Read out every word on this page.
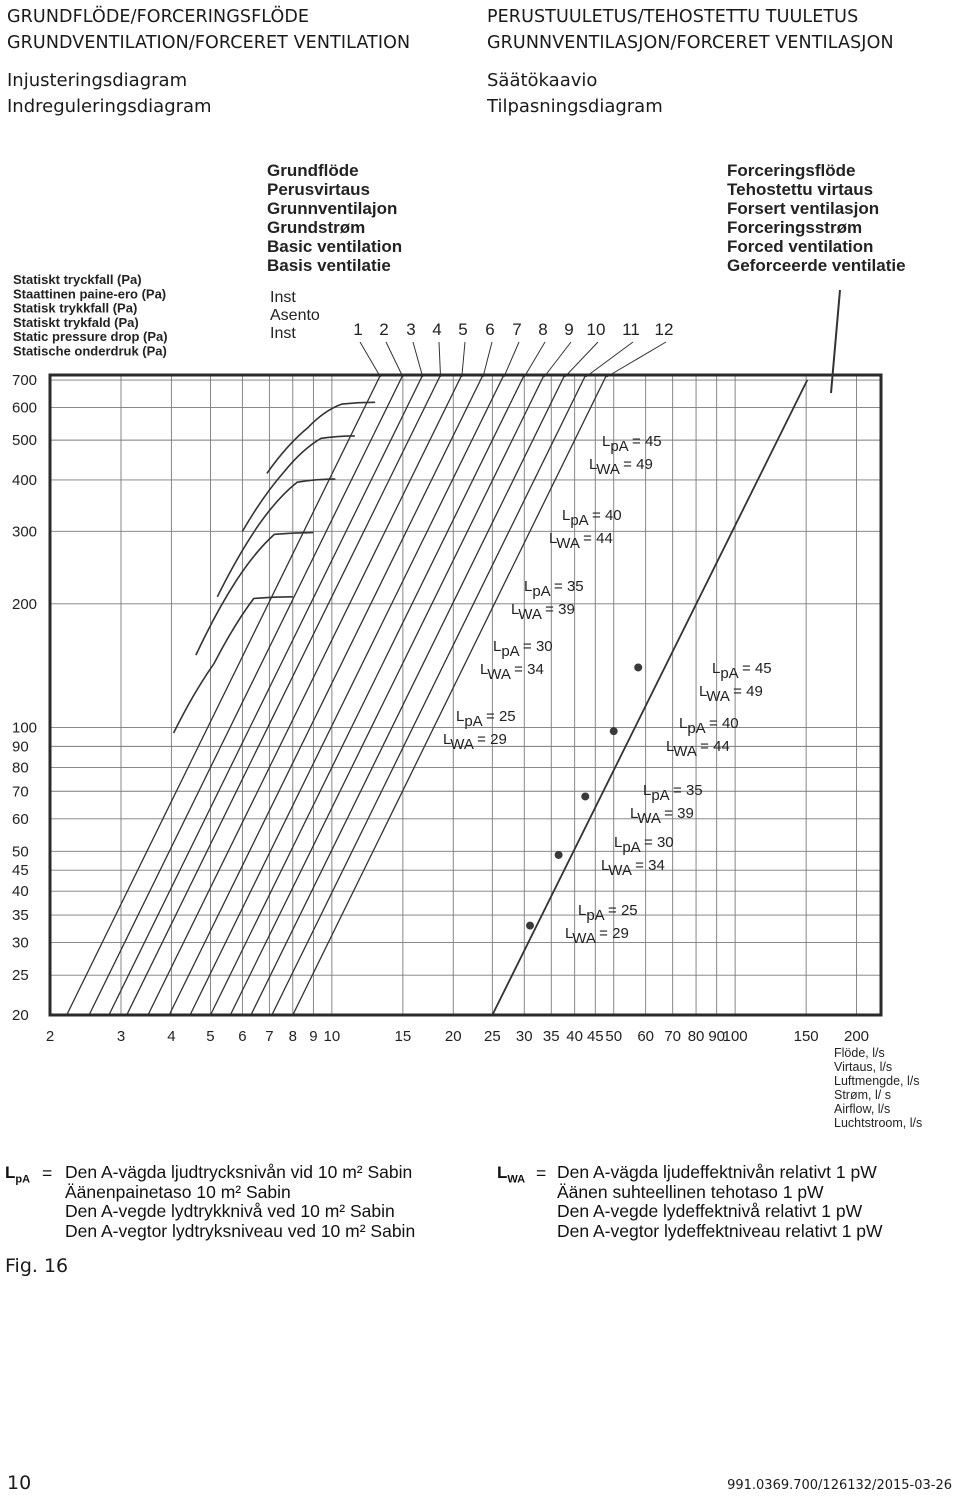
GRUNDFLÖDE/FORCERINGSFLÖDE
GRUNDVENTILATION/FORCERET VENTILATION
Injusteringsdiagram
Indreguleringsdiagram
PERUSTUULETUS/TEHOSTETTU TUULETUS
GRUNNVENTILASJON/FORCERET VENTILASJON
Säätökaavio
Tilpasningsdiagram
20
25
30
35
40
45
50
60
70
80
90
100
200
300
400
500
600
700
2	3	4 5 6 7 8 9 10	15 20 25 30 35 40 45 50 60 70 80 90
100	150 200
Statiskt tryckfall (Pa)
Staattinen paine-ero (Pa)
Statisk trykkfall (Pa)
Statiskt trykfald (Pa)
Static pressure drop (Pa)
Statische onderdruk (Pa)
Flöde, l/s
Virtaus, l/s
Luftmengde, l/s
Strøm, l/ s
Airflow, l/s
Luchtstroom, l/s
Grundflöde
Perusvirtaus
Grunnventilajon
Grundstrøm
Basic ventilation
Basis ventilatie
Forceringsflöde
Tehostettu virtaus
Forsert ventilasjon
Forceringsstrøm
Forced ventilation
Geforceerde ventilatie
Inst
Asento
Inst	1 2 3 4 5 6 7 8 9 10 11 12
LpA = 25
LWA = 29
LpA = 30
LWA = 34
LpA = 35
LWA = 39
LpA = 40
LWA = 44
LpA = 45
LWA = 49
LpA = 25
LWA = 29
LpA = 30
LWA = 34
LpA = 35
LWA = 39
LpA = 40
LWA = 44
LpA = 45
LWA = 49
$L_{pA}$ = Den A-vägda ljudtrycksnivån vid 10 m² Sabin
Äänenpainetaso 10 m² Sabin
Den A-vegde lydtrykknivå ved 10 m² Sabin
Den A-vegtor lydtryksniveau ved 10 m² Sabin
$L_{WA}$ = Den A-vägda ljudeffektnivån relativt 1 pW
Äänen suhteellinen tehotaso 1 pW
Den A-vegde lydeffektnivå relativt 1 pW
Den A-vegtor lydeffektniveau relativt 1 pW
Fig. 16
10	991.0369.700/126132/2015-03-26
